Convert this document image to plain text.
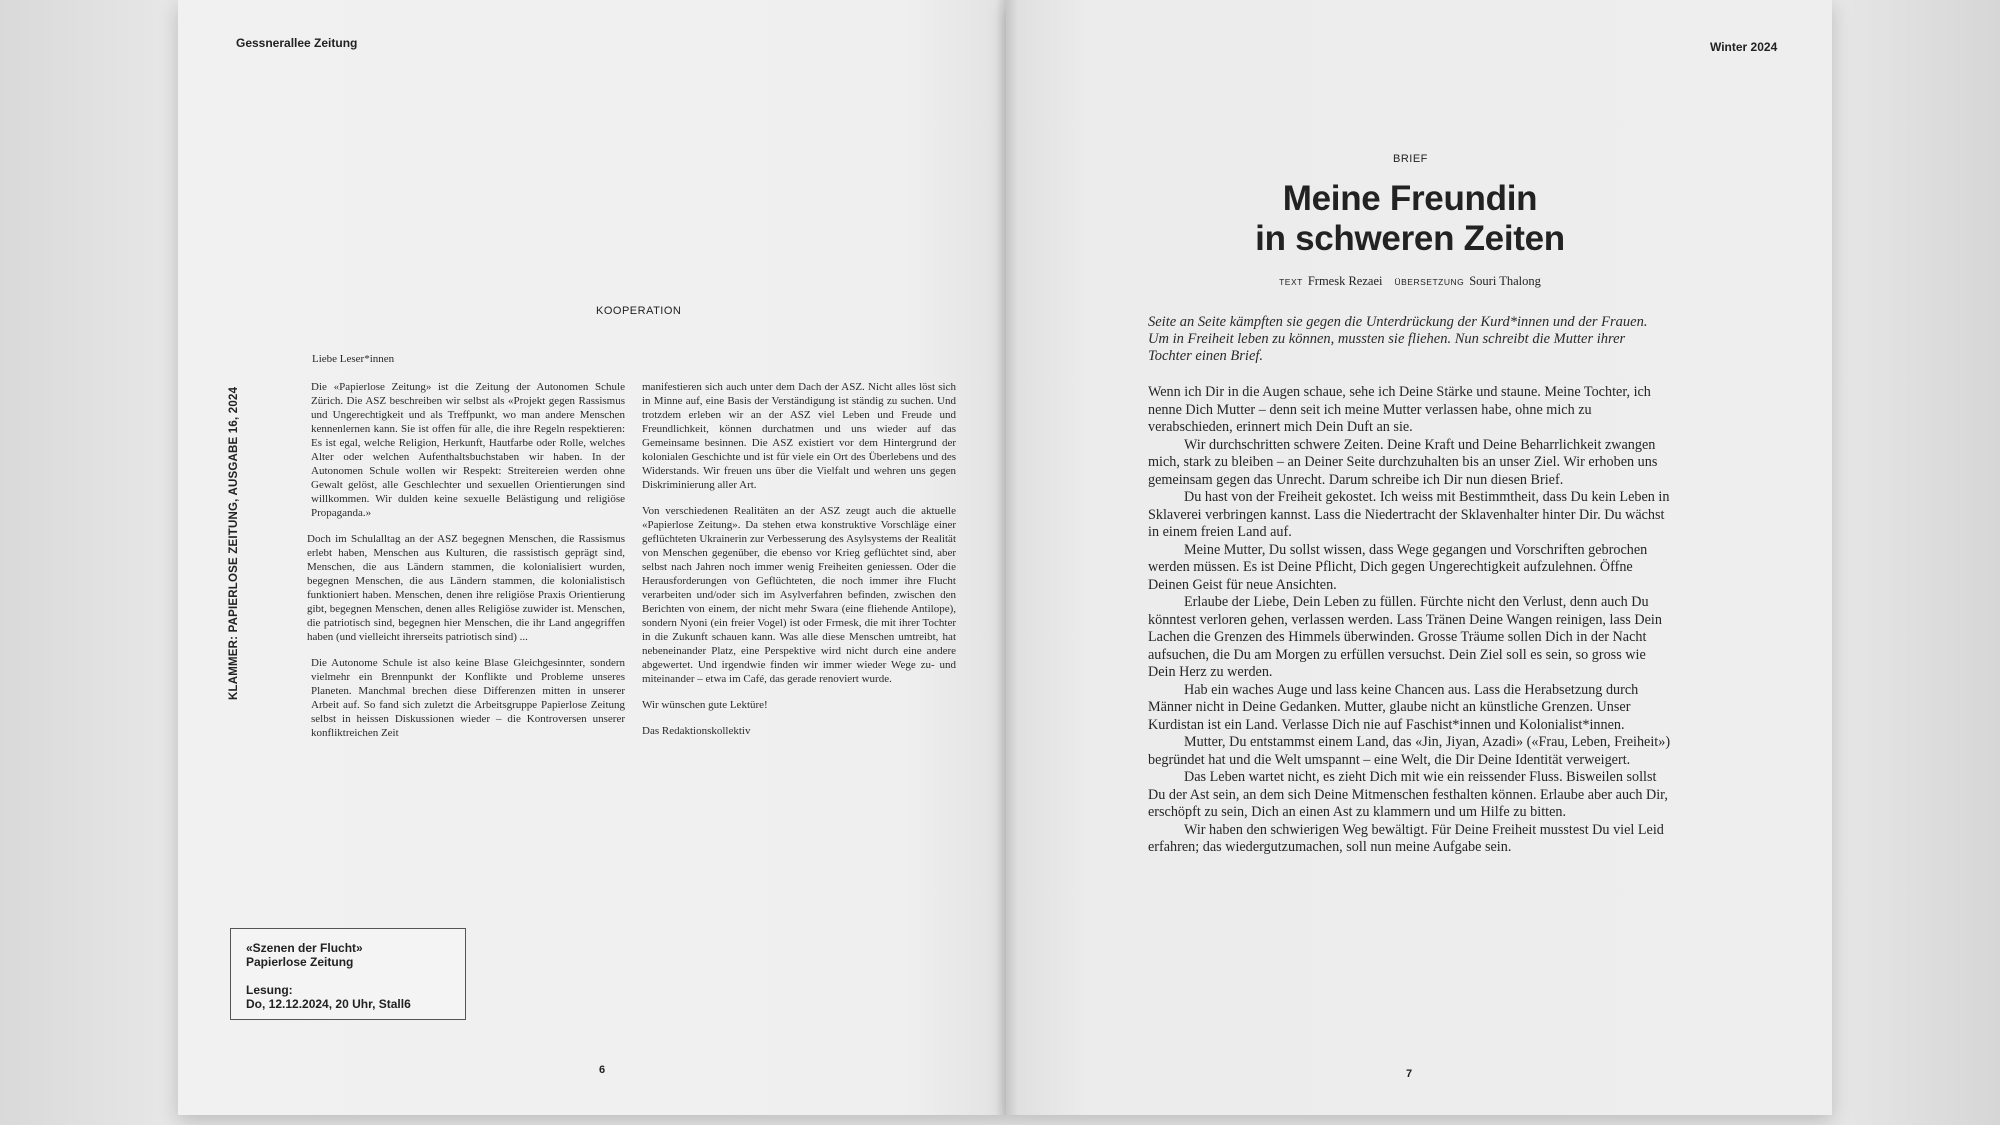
Gessnerallee Zeitung
KLAMMER: PAPIERLOSE ZEITUNG, AUSGABE 16, 2024
KOOPERATION
Liebe Leser*innen

Die «Papierlose Zeitung» ist die Zeitung der Autonomen Schule Zürich. Die ASZ beschreiben wir selbst als «Projekt gegen Rassismus und Ungerechtigkeit und als Treffpunkt, wo man andere Menschen kennenlernen kann. Sie ist offen für alle, die ihre Regeln respektieren: Es ist egal, welche Religion, Herkunft, Hautfarbe oder Rolle, welches Alter oder welchen Aufenthaltsbuchstaben wir haben. In der Autonomen Schule wollen wir Respekt: Streitereien werden ohne Gewalt gelöst, alle Geschlechter und sexuellen Orientierungen sind willkommen. Wir dulden keine sexuelle Belästigung und religiöse Propaganda.»

Doch im Schulalltag an der ASZ begegnen Menschen, die Rassismus erlebt haben, Menschen aus Kulturen, die rassistisch geprägt sind, Menschen, die aus Ländern stammen, die kolonialisiert wurden, begegnen Menschen, die aus Ländern stammen, die kolonialistisch funktioniert haben. Menschen, denen ihre religiöse Praxis Orientierung gibt, begegnen Menschen, denen alles Religiöse zuwider ist. Menschen, die patriotisch sind, begegnen hier Menschen, die ihr Land angegriffen haben (und vielleicht ihrerseits patriotisch sind) ...

Die Autonome Schule ist also keine Blase Gleichgesinnter, sondern vielmehr ein Brennpunkt der Konflikte und Probleme unseres Planeten. Manchmal brechen diese Differenzen mitten in unserer Arbeit auf. So fand sich zuletzt die Arbeitsgruppe Papierlose Zeitung selbst in heissen Diskussionen wieder – die Kontroversen unserer konfliktreichen Zeit

manifestieren sich auch unter dem Dach der ASZ. Nicht alles löst sich in Minne auf, eine Basis der Verständigung ist ständig zu suchen. Und trotzdem erleben wir an der ASZ viel Leben und Freude und Freundlichkeit, können durchatmen und uns wieder auf das Gemeinsame besinnen. Die ASZ existiert vor dem Hintergrund der kolonialen Geschichte und ist für viele ein Ort des Überlebens und des Widerstands. Wir freuen uns über die Vielfalt und wehren uns gegen Diskriminierung aller Art.

Von verschiedenen Realitäten an der ASZ zeugt auch die aktuelle «Papierlose Zeitung». Da stehen etwa konstruktive Vorschläge einer geflüchteten Ukrainerin zur Verbesserung des Asylsystems der Realität von Menschen gegenüber, die ebenso vor Krieg geflüchtet sind, aber selbst nach Jahren noch immer wenig Freiheiten geniessen. Oder die Herausforderungen von Geflüchteten, die noch immer ihre Flucht verarbeiten und/oder sich im Asylverfahren befinden, zwischen den Berichten von einem, der nicht mehr Swara (eine fliehende Antilope), sondern Nyoni (ein freier Vogel) ist oder Frmesk, die mit ihrer Tochter in die Zukunft schauen kann. Was alle diese Menschen umtreibt, hat nebeneinander Platz, eine Perspektive wird nicht durch eine andere abgewertet. Und irgendwie finden wir immer wieder Wege zu- und miteinander – etwa im Café, das gerade renoviert wurde.

Wir wünschen gute Lektüre!

Das Redaktionskollektiv

«Szenen der Flucht»
Papierlose Zeitung
Lesung:
Do, 12.12.2024, 20 Uhr, Stall6
6
Winter 2024
BRIEF
Meine Freundin
in schweren Zeiten
TEXT Frmesk Rezaei ÜBERSETZUNG Souri Thalong
Seite an Seite kämpften sie gegen die Unterdrückung der Kurd*innen und der Frauen. Um in Freiheit leben zu können, mussten sie fliehen. Nun schreibt die Mutter ihrer Tochter einen Brief.

Wenn ich Dir in die Augen schaue, sehe ich Deine Stärke und staune. Meine Tochter, ich nenne Dich Mutter – denn seit ich meine Mutter verlassen habe, ohne mich zu verabschieden, erinnert mich Dein Duft an sie.

Wir durchschritten schwere Zeiten. Deine Kraft und Deine Beharrlichkeit zwangen mich, stark zu bleiben – an Deiner Seite durchzuhalten bis an unser Ziel. Wir erhoben uns gemeinsam gegen das Unrecht. Darum schreibe ich Dir nun diesen Brief.

Du hast von der Freiheit gekostet. Ich weiss mit Bestimmtheit, dass Du kein Leben in Sklaverei verbringen kannst. Lass die Niedertracht der Sklavenhalter hinter Dir. Du wächst in einem freien Land auf.

Meine Mutter, Du sollst wissen, dass Wege gegangen und Vorschriften gebrochen werden müssen. Es ist Deine Pflicht, Dich gegen Ungerechtigkeit aufzulehnen. Öffne Deinen Geist für neue Ansichten.

Erlaube der Liebe, Dein Leben zu füllen. Fürchte nicht den Verlust, denn auch Du könntest verloren gehen, verlassen werden. Lass Tränen Deine Wangen reinigen, lass Dein Lachen die Grenzen des Himmels überwinden. Grosse Träume sollen Dich in der Nacht aufsuchen, die Du am Morgen zu erfüllen versuchst. Dein Ziel soll es sein, so gross wie Dein Herz zu werden.

Hab ein waches Auge und lass keine Chancen aus. Lass die Herabsetzung durch Männer nicht in Deine Gedanken. Mutter, glaube nicht an künstliche Grenzen. Unser Kurdistan ist ein Land. Verlasse Dich nie auf Faschist*innen und Kolonialist*innen.

Mutter, Du entstammst einem Land, das «Jin, Jiyan, Azadi» («Frau, Leben, Freiheit») begründet hat und die Welt umspannt – eine Welt, die Dir Deine Identität verweigert.

Das Leben wartet nicht, es zieht Dich mit wie ein reissender Fluss. Bisweilen sollst Du der Ast sein, an dem sich Deine Mitmenschen festhalten können. Erlaube aber auch Dir, erschöpft zu sein, Dich an einen Ast zu klammern und um Hilfe zu bitten.

Wir haben den schwierigen Weg bewältigt. Für Deine Freiheit musstest Du viel Leid erfahren; das wiedergutzumachen, soll nun meine Aufgabe sein.

7
